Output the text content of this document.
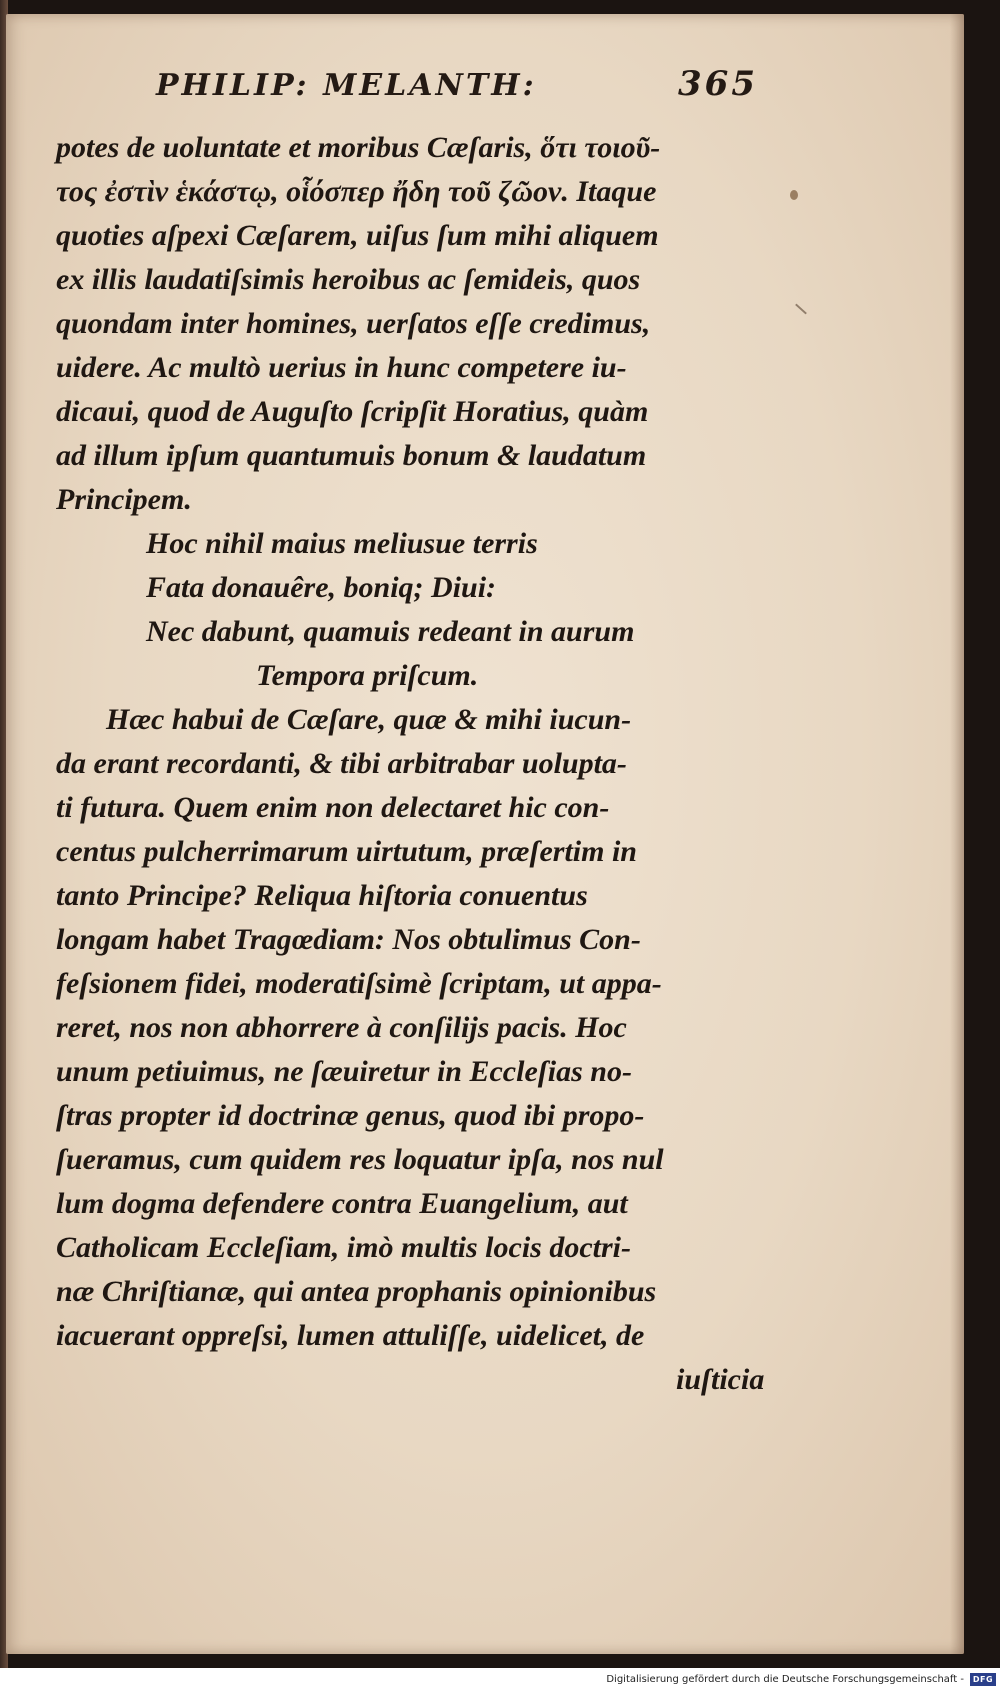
PHILIP: MELANTH:	365
potes de uoluntate et moribus Cæſaris, ὅτι τοιοῦ-
τος ἐστὶν ἑκάστῳ, οἷόσπερ ἤδη τοῦ ζῶον. Itaque
quoties aſpexi Cæſarem, uiſus ſum mihi aliquem
ex illis laudatiſsimis heroibus ac ſemideis, quos
quondam inter homines, uerſatos eſſe credimus,
uidere. Ac multò uerius in hunc competere iu-
dicaui, quod de Auguſto ſcripſit Horatius, quàm
ad illum ipſum quantumuis bonum & laudatum
Principem.
Hoc nihil maius meliusue terris
Fata donauêre, boniq; Diui:
Nec dabunt, quamuis redeant in aurum
Tempora priſcum.
Hæc habui de Cæſare, quæ & mihi iucun-
da erant recordanti, & tibi arbitrabar uolupta-
ti futura. Quem enim non delectaret hic con-
centus pulcherrimarum uirtutum, præſertim in
tanto Principe? Reliqua hiſtoria conuentus
longam habet Tragœdiam: Nos obtulimus Con-
feſsionem fidei, moderatiſsimè ſcriptam, ut appa-
reret, nos non abhorrere à conſilijs pacis. Hoc
unum petiuimus, ne ſæuiretur in Eccleſias no-
ſtras propter id doctrinæ genus, quod ibi propo-
ſueramus, cum quidem res loquatur ipſa, nos nul
lum dogma defendere contra Euangelium, aut
Catholicam Eccleſiam, imò multis locis doctri-
næ Chriſtianæ, qui antea prophanis opinionibus
iacuerant oppreſsi, lumen attuliſſe, uidelicet, de
iuſticia
Digitalisierung gefördert durch die Deutsche Forschungsgemeinschaft -	DFG
